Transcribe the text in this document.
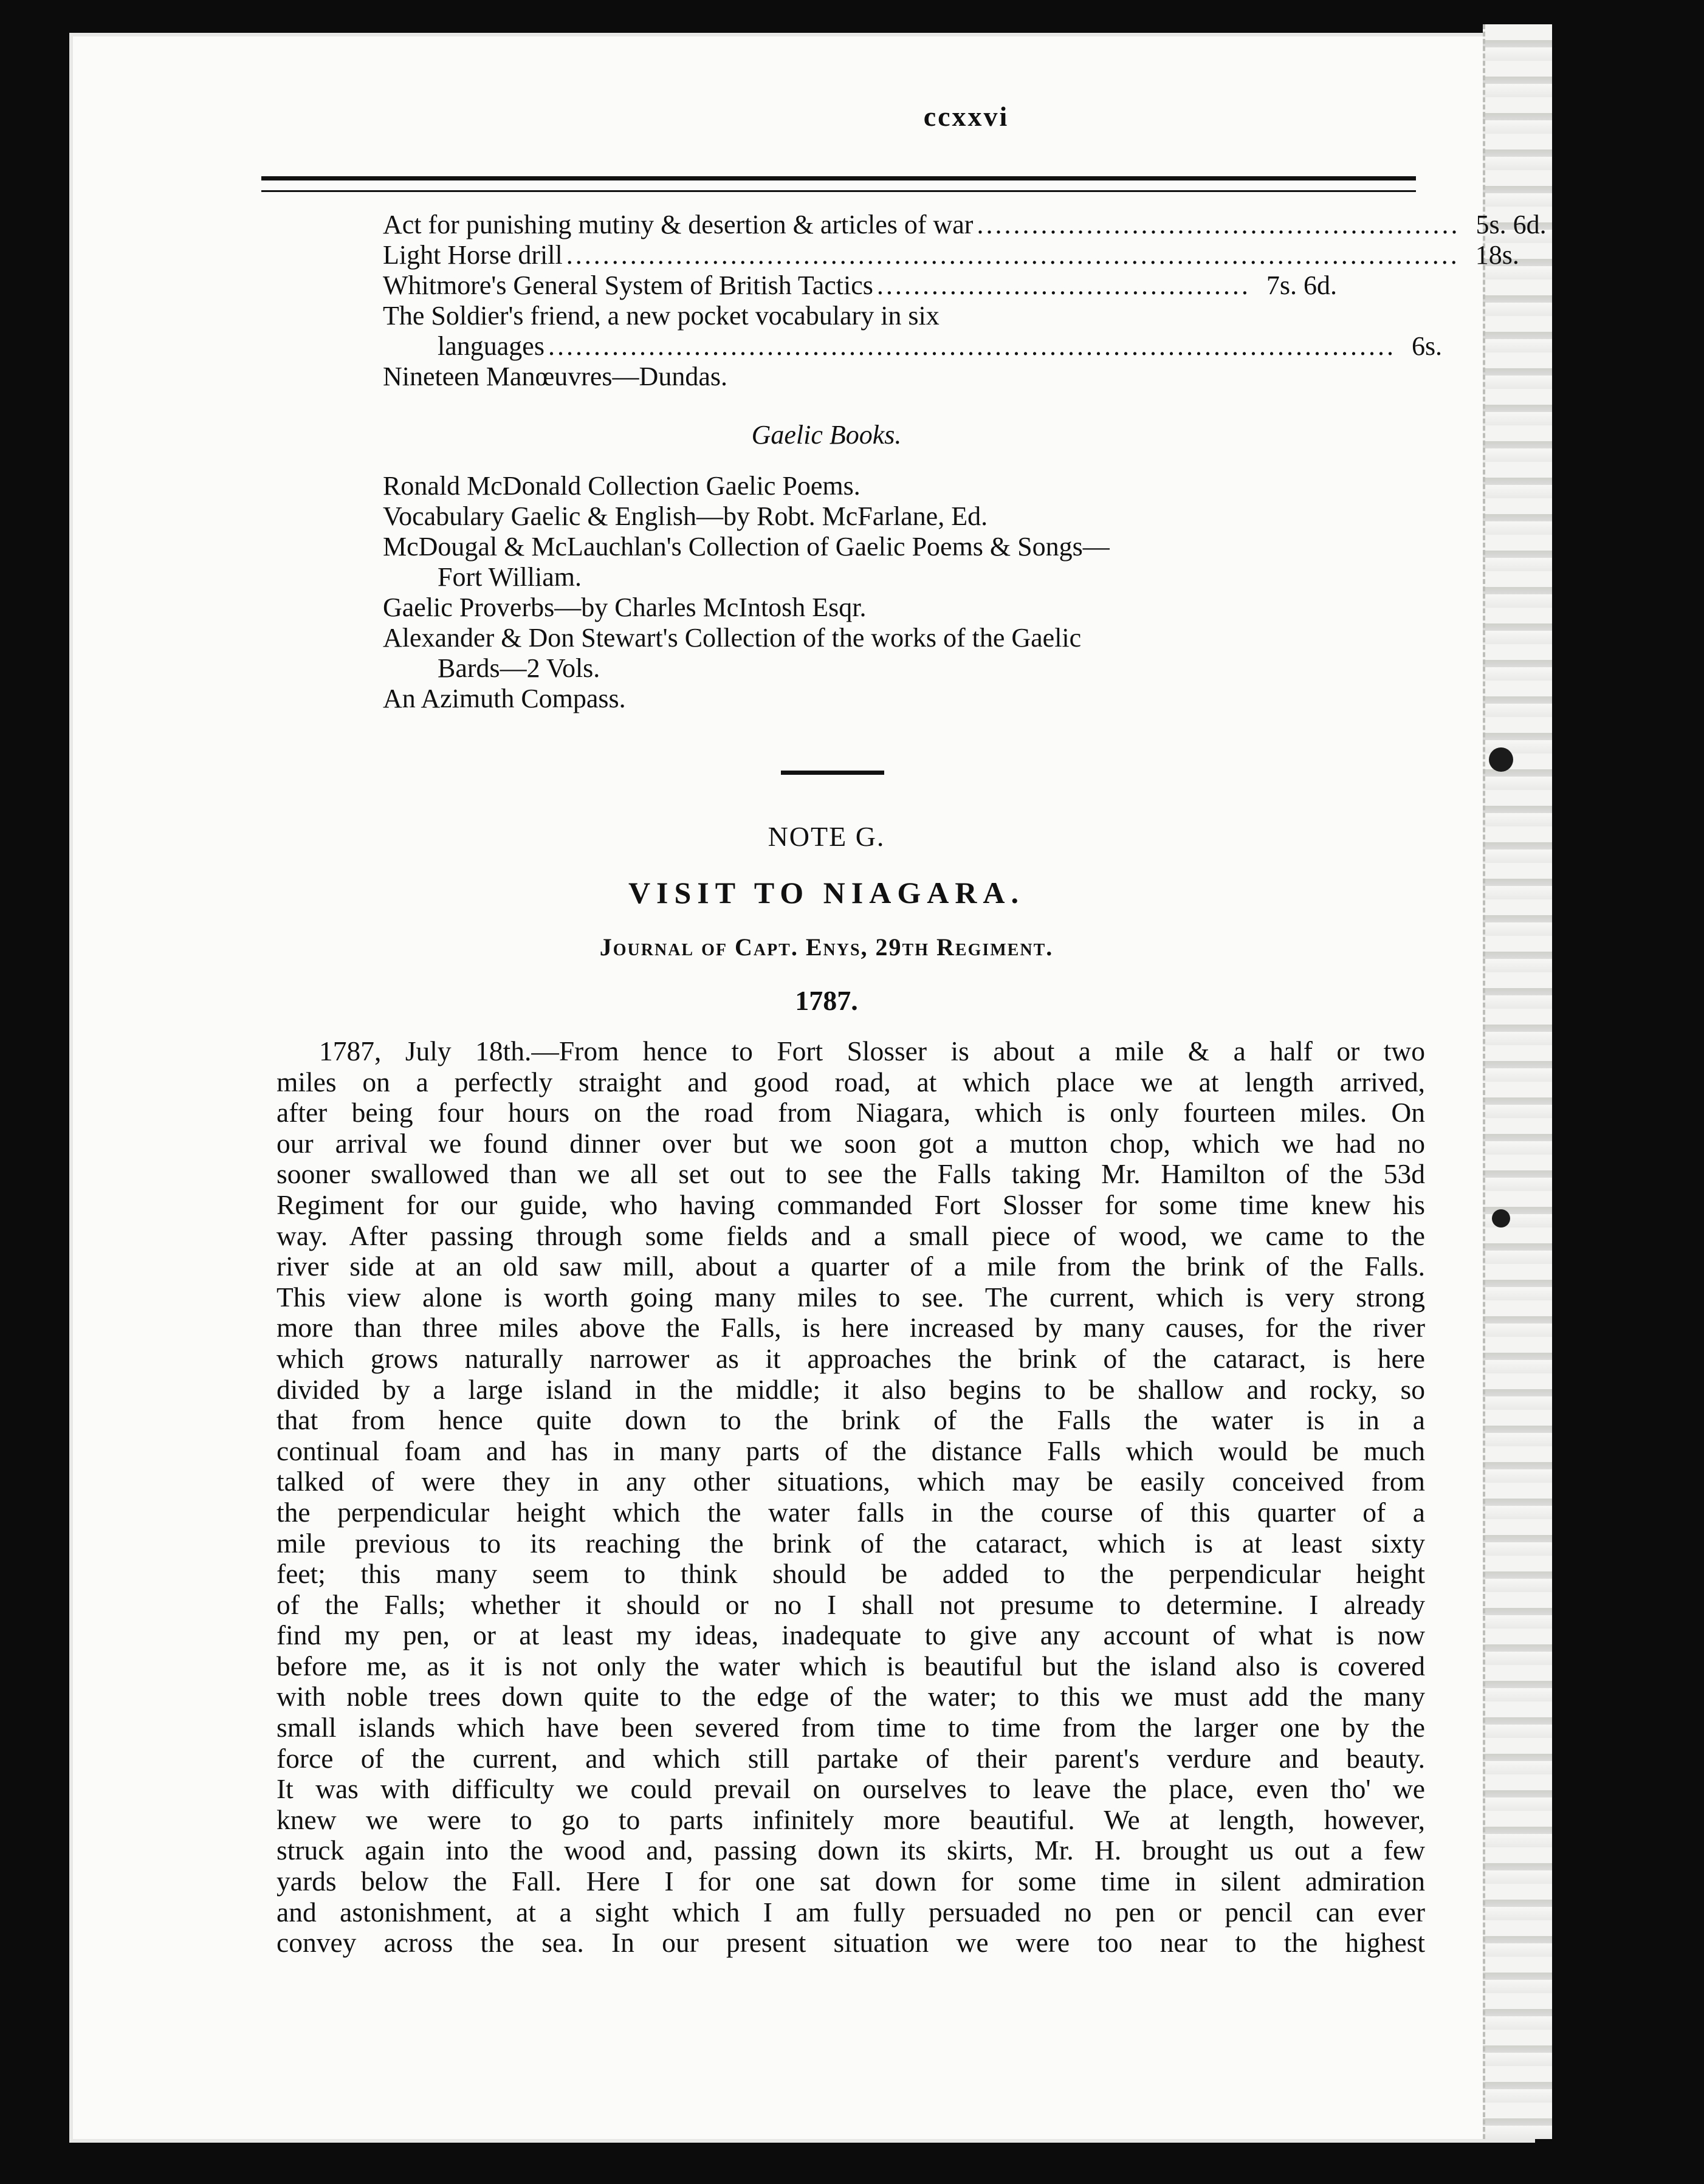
ccxxvi
Act for punishing mutiny & desertion & articles of war ..................................................... 5s. 6d.
Light Horse drill .................................................................................................. 18s.
Whitmore's General System of British Tactics ......................................... 7s. 6d.
The Soldier's friend, a new pocket vocabulary in six
languages ............................................................................................. 6s.
Nineteen Manœuvres—Dundas.
Gaelic Books.
Ronald McDonald Collection Gaelic Poems.
Vocabulary Gaelic & English—by Robt. McFarlane, Ed.
McDougal & McLauchlan's Collection of Gaelic Poems & Songs—
Fort William.
Gaelic Proverbs—by Charles McIntosh Esqr.
Alexander & Don Stewart's Collection of the works of the Gaelic
Bards—2 Vols.
An Azimuth Compass.
NOTE G.
VISIT TO NIAGARA.
Journal of Capt. Enys, 29th Regiment.
1787.
1787, July 18th.—From hence to Fort Slosser is about a mile & a half or two
miles on a perfectly straight and good road, at which place we at length arrived,
after being four hours on the road from Niagara, which is only fourteen miles. On
our arrival we found dinner over but we soon got a mutton chop, which we had no
sooner swallowed than we all set out to see the Falls taking Mr. Hamilton of the 53d
Regiment for our guide, who having commanded Fort Slosser for some time knew his
way. After passing through some fields and a small piece of wood, we came to the
river side at an old saw mill, about a quarter of a mile from the brink of the Falls.
This view alone is worth going many miles to see. The current, which is very strong
more than three miles above the Falls, is here increased by many causes, for the river
which grows naturally narrower as it approaches the brink of the cataract, is here
divided by a large island in the middle; it also begins to be shallow and rocky, so
that from hence quite down to the brink of the Falls the water is in a
continual foam and has in many parts of the distance Falls which would be much
talked of were they in any other situations, which may be easily conceived from
the perpendicular height which the water falls in the course of this quarter of a
mile previous to its reaching the brink of the cataract, which is at least sixty
feet; this many seem to think should be added to the perpendicular height
of the Falls; whether it should or no I shall not presume to determine. I already
find my pen, or at least my ideas, inadequate to give any account of what is now
before me, as it is not only the water which is beautiful but the island also is covered
with noble trees down quite to the edge of the water; to this we must add the many
small islands which have been severed from time to time from the larger one by the
force of the current, and which still partake of their parent's verdure and beauty.
It was with difficulty we could prevail on ourselves to leave the place, even tho' we
knew we were to go to parts infinitely more beautiful. We at length, however,
struck again into the wood and, passing down its skirts, Mr. H. brought us out a few
yards below the Fall. Here I for one sat down for some time in silent admiration
and astonishment, at a sight which I am fully persuaded no pen or pencil can ever
convey across the sea. In our present situation we were too near to the highest
